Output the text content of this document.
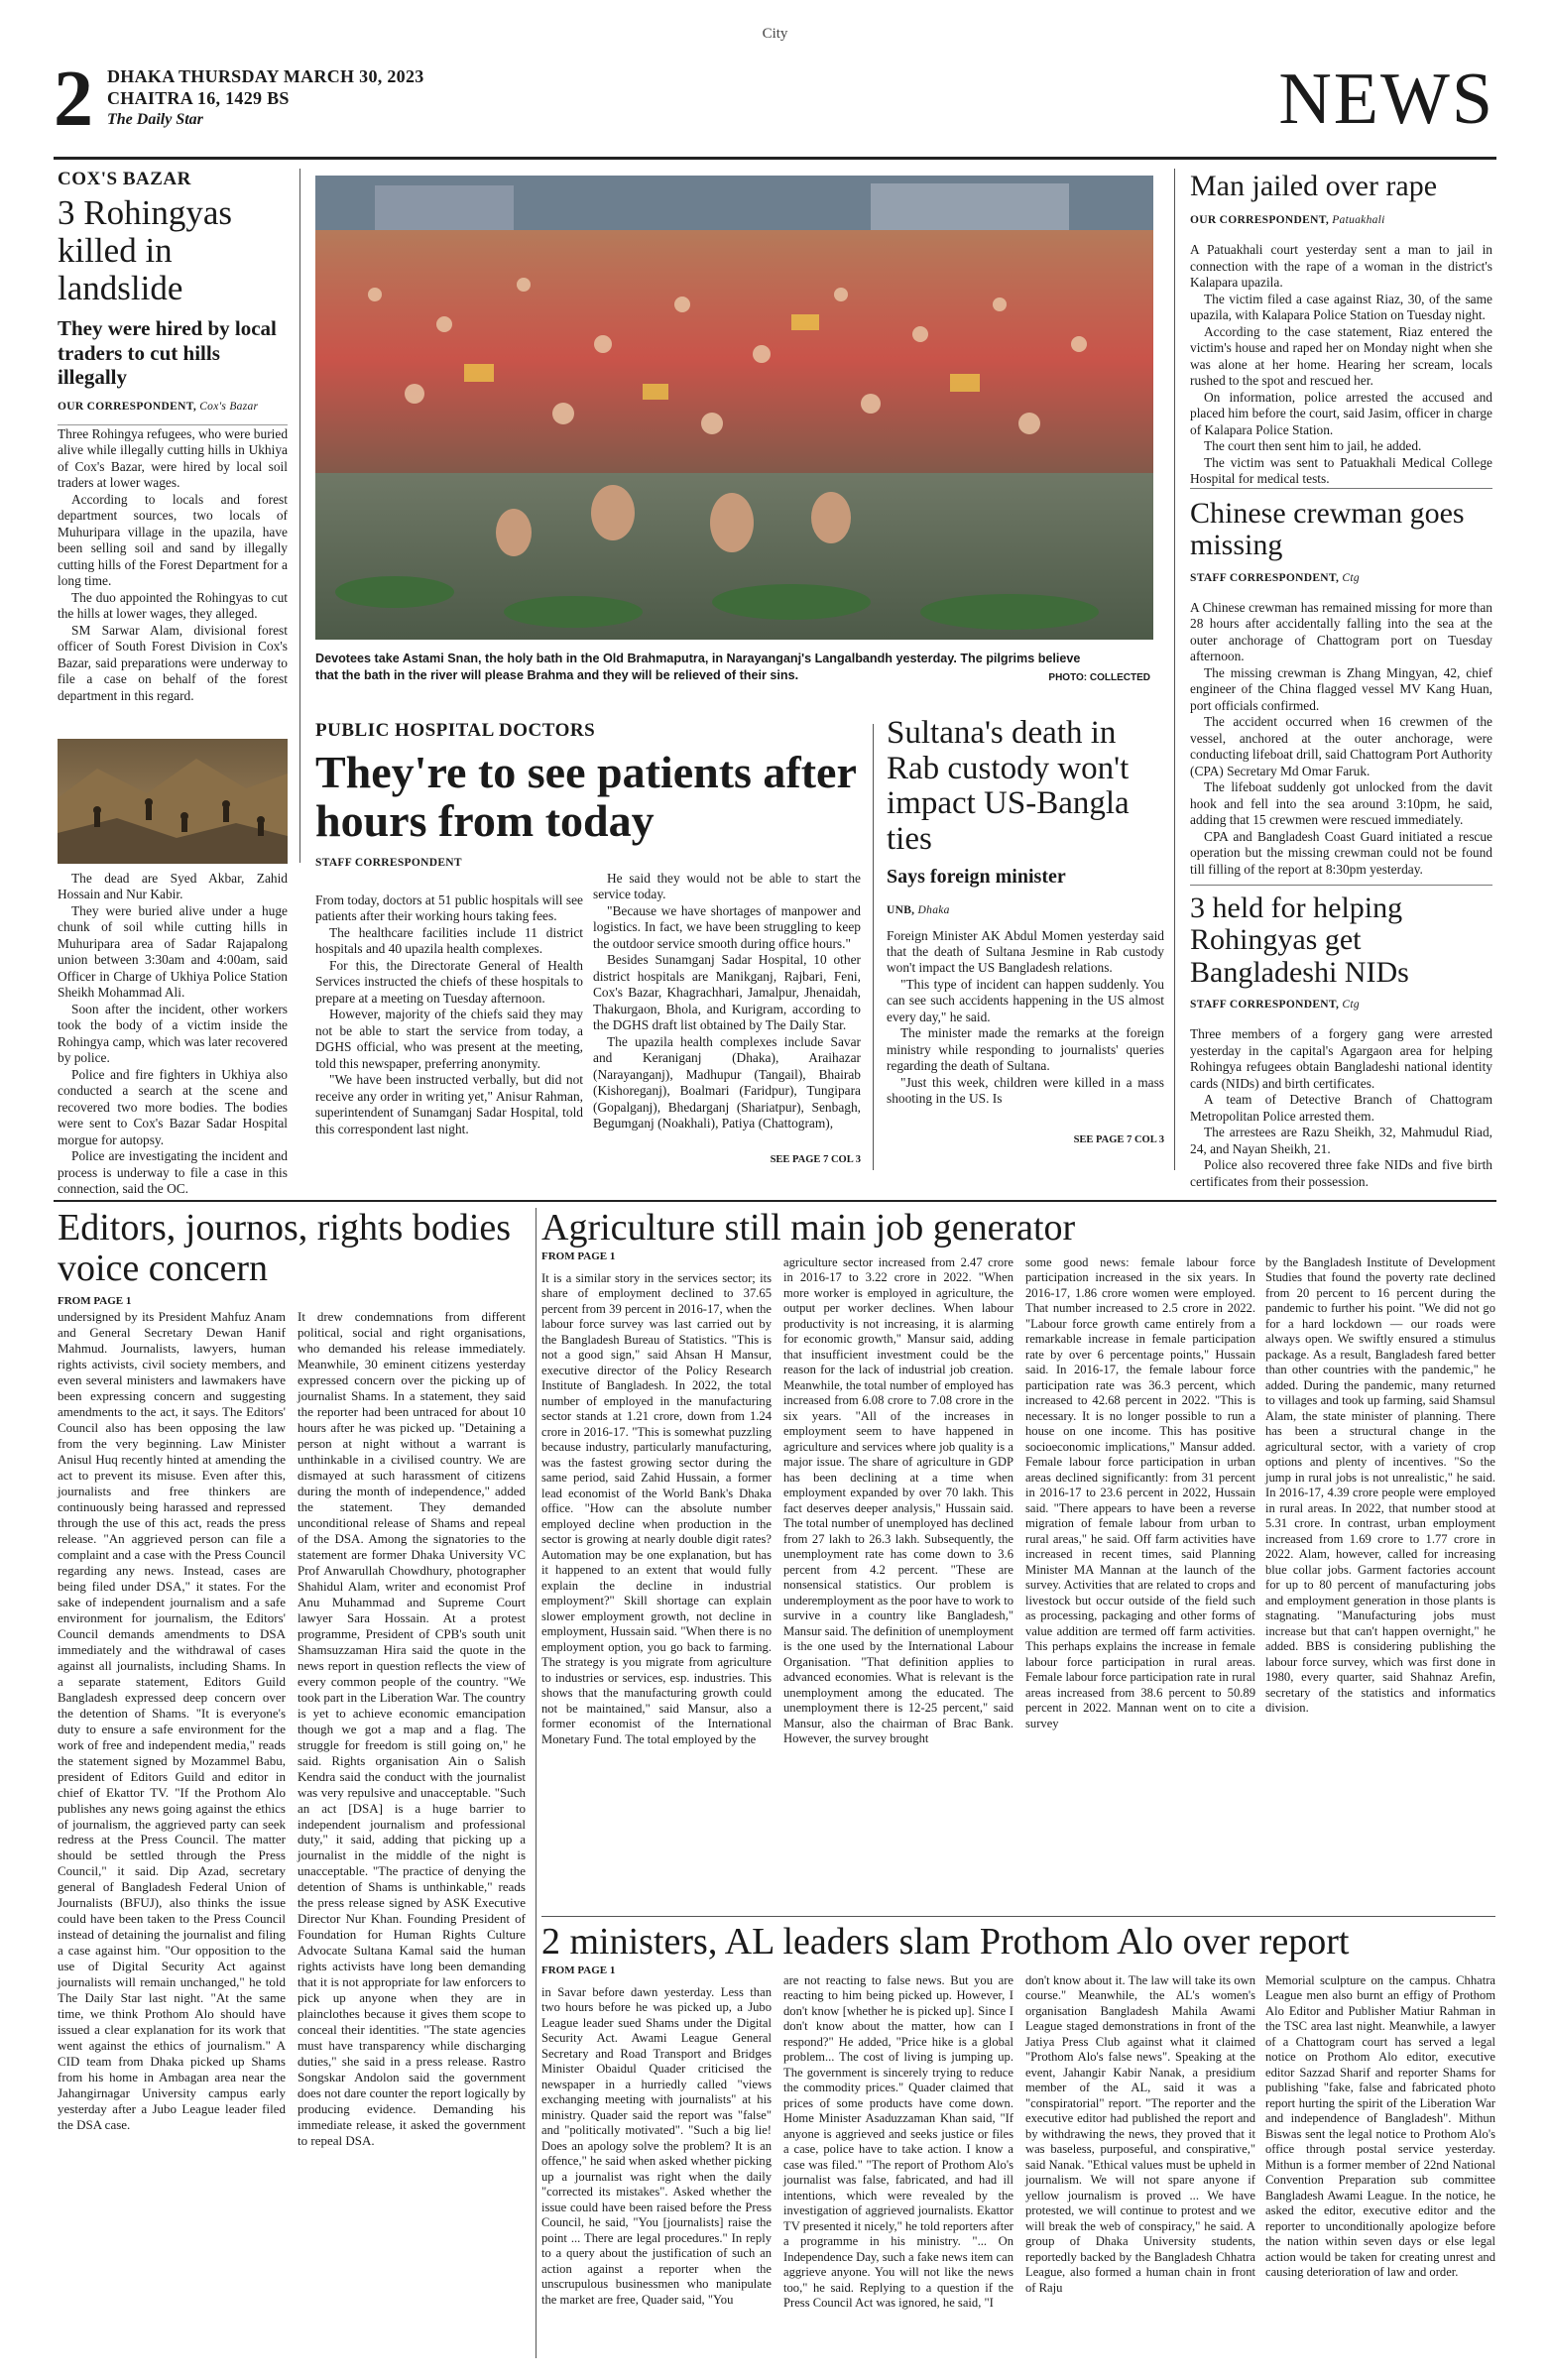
City
2 DHAKA THURSDAY MARCH 30, 2023
CHAITRA 16, 1429 BS
The Daily Star	NEWS
COX'S BAZAR
3 Rohingyas killed in landslide
They were hired by local traders to cut hills illegally
OUR CORRESPONDENT, Cox's Bazar

Three Rohingya refugees, who were buried alive while illegally cutting hills in Ukhiya of Cox's Bazar, were hired by local soil traders at lower wages.

According to locals and forest department sources, two locals of Muhuripara village in the upazila, have been selling soil and sand by illegally cutting hills of the Forest Department for a long time.

The duo appointed the Rohingyas to cut the hills at lower wages, they alleged.

SM Sarwar Alam, divisional forest officer of South Forest Division in Cox's Bazar, said preparations were underway to file a case on behalf of the forest department in this regard.

The dead are Syed Akbar, Zahid Hossain and Nur Kabir.

They were buried alive under a huge chunk of soil while cutting hills in Muhuripara area of Sadar Rajapalong union between 3:30am and 4:00am, said Officer in Charge of Ukhiya Police Station Sheikh Mohammad Ali.

Soon after the incident, other workers took the body of a victim inside the Rohingya camp, which was later recovered by police.

Police and fire fighters in Ukhiya also conducted a search at the scene and recovered two more bodies. The bodies were sent to Cox's Bazar Sadar Hospital morgue for autopsy.

Police are investigating the incident and process is underway to file a case in this connection, said the OC.

Devotees take Astami Snan, the holy bath in the Old Brahmaputra, in Narayanganj's Langalbandh yesterday. The pilgrims believe that the bath in the river will please Brahma and they will be relieved of their sins.	PHOTO: COLLECTED
PUBLIC HOSPITAL DOCTORS
They're to see patients after hours from today
STAFF CORRESPONDENT

From today, doctors at 51 public hospitals will see patients after their working hours taking fees.

The healthcare facilities include 11 district hospitals and 40 upazila health complexes.

For this, the Directorate General of Health Services instructed the chiefs of these hospitals to prepare at a meeting on Tuesday afternoon.

However, majority of the chiefs said they may not be able to start the service from today, a DGHS official, who was present at the meeting, told this newspaper, preferring anonymity.

"We have been instructed verbally, but did not receive any order in writing yet," Anisur Rahman, superintendent of Sunamganj Sadar Hospital, told this correspondent last night.

He said they would not be able to start the service today.

"Because we have shortages of manpower and logistics. In fact, we have been struggling to keep the outdoor service smooth during office hours."

Besides Sunamganj Sadar Hospital, 10 other district hospitals are Manikganj, Rajbari, Feni, Cox's Bazar, Khagrachhari, Jamalpur, Jhenaidah, Thakurgaon, Bhola, and Kurigram, according to the DGHS draft list obtained by The Daily Star.

The upazila health complexes include Savar and Keraniganj (Dhaka), Araihazar (Narayanganj), Madhupur (Tangail), Bhairab (Kishoreganj), Boalmari (Faridpur), Tungipara (Gopalganj), Bhedarganj (Shariatpur), Senbagh, Begumganj (Noakhali), Patiya (Chattogram),

SEE PAGE 7 COL 3
Sultana's death in Rab custody won't impact US-Bangla ties
Says foreign minister
UNB, Dhaka

Foreign Minister AK Abdul Momen yesterday said that the death of Sultana Jesmine in Rab custody won't impact the US Bangladesh relations.

"This type of incident can happen suddenly. You can see such accidents happening in the US almost every day," he said.

The minister made the remarks at the foreign ministry while responding to journalists' queries regarding the death of Sultana.

"Just this week, children were killed in a mass shooting in the US. Is

SEE PAGE 7 COL 3
Man jailed over rape
OUR CORRESPONDENT, Patuakhali

A Patuakhali court yesterday sent a man to jail in connection with the rape of a woman in the district's Kalapara upazila.

The victim filed a case against Riaz, 30, of the same upazila, with Kalapara Police Station on Tuesday night.

According to the case statement, Riaz entered the victim's house and raped her on Monday night when she was alone at her home. Hearing her scream, locals rushed to the spot and rescued her.

On information, police arrested the accused and placed him before the court, said Jasim, officer in charge of Kalapara Police Station.

The court then sent him to jail, he added.

The victim was sent to Patuakhali Medical College Hospital for medical tests.

Chinese crewman goes missing
STAFF CORRESPONDENT, Ctg

A Chinese crewman has remained missing for more than 28 hours after accidentally falling into the sea at the outer anchorage of Chattogram port on Tuesday afternoon.

The missing crewman is Zhang Mingyan, 42, chief engineer of the China flagged vessel MV Kang Huan, port officials confirmed.

The accident occurred when 16 crewmen of the vessel, anchored at the outer anchorage, were conducting lifeboat drill, said Chattogram Port Authority (CPA) Secretary Md Omar Faruk.

The lifeboat suddenly got unlocked from the davit hook and fell into the sea around 3:10pm, he said, adding that 15 crewmen were rescued immediately.

CPA and Bangladesh Coast Guard initiated a rescue operation but the missing crewman could not be found till filling of the report at 8:30pm yesterday.

3 held for helping Rohingyas get Bangladeshi NIDs
STAFF CORRESPONDENT, Ctg

Three members of a forgery gang were arrested yesterday in the capital's Agargaon area for helping Rohingya refugees obtain Bangladeshi national identity cards (NIDs) and birth certificates.

A team of Detective Branch of Chattogram Metropolitan Police arrested them.

The arrestees are Razu Sheikh, 32, Mahmudul Riad, 24, and Nayan Sheikh, 21.

Police also recovered three fake NIDs and five birth certificates from their possession.

Editors, journos, rights bodies voice concern
FROM PAGE 1
undersigned by its President Mahfuz Anam and General Secretary Dewan Hanif Mahmud. Journalists, lawyers, human rights activists, civil society members, and even several ministers and lawmakers have been expressing concern and suggesting amendments to the act, it says. The Editors' Council also has been opposing the law from the very beginning. Law Minister Anisul Huq recently hinted at amending the act to prevent its misuse. Even after this, journalists and free thinkers are continuously being harassed and repressed through the use of this act, reads the press release. "An aggrieved person can file a complaint and a case with the Press Council regarding any news. Instead, cases are being filed under DSA," it states. For the sake of independent journalism and a safe environment for journalism, the Editors' Council demands amendments to DSA immediately and the withdrawal of cases against all journalists, including Shams. In a separate statement, Editors Guild Bangladesh expressed deep concern over the detention of Shams. "It is everyone's duty to ensure a safe environment for the work of free and independent media," reads the statement signed by Mozammel Babu, president of Editors Guild and editor in chief of Ekattor TV. "If the Prothom Alo publishes any news going against the ethics of journalism, the aggrieved party can seek redress at the Press Council. The matter should be settled through the Press Council," it said. Dip Azad, secretary general of Bangladesh Federal Union of Journalists (BFUJ), also thinks the issue could have been taken to the Press Council instead of detaining the journalist and filing a case against him. "Our opposition to the use of Digital Security Act against journalists will remain unchanged," he told The Daily Star last night. "At the same time, we think Prothom Alo should have issued a clear explanation for its work that went against the ethics of journalism." A CID team from Dhaka picked up Shams from his home in Ambagan area near the Jahangirnagar University campus early yesterday after a Jubo League leader filed the DSA case.
It drew condemnations from different political, social and right organisations, who demanded his release immediately. Meanwhile, 30 eminent citizens yesterday expressed concern over the picking up of journalist Shams. In a statement, they said the reporter had been untraced for about 10 hours after he was picked up. "Detaining a person at night without a warrant is unthinkable in a civilised country. We are dismayed at such harassment of citizens during the month of independence," added the statement. They demanded unconditional release of Shams and repeal of the DSA. Among the signatories to the statement are former Dhaka University VC Prof Anwarullah Chowdhury, photographer Shahidul Alam, writer and economist Prof Anu Muhammad and Supreme Court lawyer Sara Hossain. At a protest programme, President of CPB's south unit Shamsuzzaman Hira said the quote in the news report in question reflects the view of every common people of the country. "We took part in the Liberation War. The country is yet to achieve economic emancipation though we got a map and a flag. The struggle for freedom is still going on," he said. Rights organisation Ain o Salish Kendra said the conduct with the journalist was very repulsive and unacceptable. "Such an act [DSA] is a huge barrier to independent journalism and professional duty," it said, adding that picking up a journalist in the middle of the night is unacceptable. "The practice of denying the detention of Shams is unthinkable," reads the press release signed by ASK Executive Director Nur Khan. Founding President of Foundation for Human Rights Culture Advocate Sultana Kamal said the human rights activists have long been demanding that it is not appropriate for law enforcers to pick up anyone when they are in plainclothes because it gives them scope to conceal their identities. "The state agencies must have transparency while discharging duties," she said in a press release. Rastro Songskar Andolon said the government does not dare counter the report logically by producing evidence. Demanding his immediate release, it asked the government to repeal DSA.
Agriculture still main job generator
FROM PAGE 1
It is a similar story in the services sector; its share of employment declined to 37.65 percent from 39 percent in 2016-17, when the labour force survey was last carried out by the Bangladesh Bureau of Statistics. "This is not a good sign," said Ahsan H Mansur, executive director of the Policy Research Institute of Bangladesh. In 2022, the total number of employed in the manufacturing sector stands at 1.21 crore, down from 1.24 crore in 2016-17. "This is somewhat puzzling because industry, particularly manufacturing, was the fastest growing sector during the same period, said Zahid Hussain, a former lead economist of the World Bank's Dhaka office. "How can the absolute number employed decline when production in the sector is growing at nearly double digit rates? Automation may be one explanation, but has it happened to an extent that would fully explain the decline in industrial employment?" Skill shortage can explain slower employment growth, not decline in employment, Hussain said. "When there is no employment option, you go back to farming. The strategy is you migrate from agriculture to industries or services, esp. industries. This shows that the manufacturing growth could not be maintained," said Mansur, also a former economist of the International Monetary Fund. The total employed by the
agriculture sector increased from 2.47 crore in 2016-17 to 3.22 crore in 2022. "When more worker is employed in agriculture, the output per worker declines. When labour productivity is not increasing, it is alarming for economic growth," Mansur said, adding that insufficient investment could be the reason for the lack of industrial job creation. Meanwhile, the total number of employed has increased from 6.08 crore to 7.08 crore in the six years. "All of the increases in employment seem to have happened in agriculture and services where job quality is a major issue. The share of agriculture in GDP has been declining at a time when employment expanded by over 70 lakh. This fact deserves deeper analysis," Hussain said. The total number of unemployed has declined from 27 lakh to 26.3 lakh. Subsequently, the unemployment rate has come down to 3.6 percent from 4.2 percent. "These are nonsensical statistics. Our problem is underemployment as the poor have to work to survive in a country like Bangladesh," Mansur said. The definition of unemployment is the one used by the International Labour Organisation. "That definition applies to advanced economies. What is relevant is the unemployment among the educated. The unemployment there is 12-25 percent," said Mansur, also the chairman of Brac Bank. However, the survey brought
some good news: female labour force participation increased in the six years. In 2016-17, 1.86 crore women were employed. That number increased to 2.5 crore in 2022. "Labour force growth came entirely from a remarkable increase in female participation rate by over 6 percentage points," Hussain said. In 2016-17, the female labour force participation rate was 36.3 percent, which increased to 42.68 percent in 2022. "This is necessary. It is no longer possible to run a house on one income. This has positive socioeconomic implications," Mansur added. Female labour force participation in urban areas declined significantly: from 31 percent in 2016-17 to 23.6 percent in 2022, Hussain said. "There appears to have been a reverse migration of female labour from urban to rural areas," he said. Off farm activities have increased in recent times, said Planning Minister MA Mannan at the launch of the survey. Activities that are related to crops and livestock but occur outside of the field such as processing, packaging and other forms of value addition are termed off farm activities. This perhaps explains the increase in female labour force participation in rural areas. Female labour force participation rate in rural areas increased from 38.6 percent to 50.89 percent in 2022. Mannan went on to cite a survey
by the Bangladesh Institute of Development Studies that found the poverty rate declined from 20 percent to 16 percent during the pandemic to further his point. "We did not go for a hard lockdown — our roads were always open. We swiftly ensured a stimulus package. As a result, Bangladesh fared better than other countries with the pandemic," he added. During the pandemic, many returned to villages and took up farming, said Shamsul Alam, the state minister of planning. There has been a structural change in the agricultural sector, with a variety of crop options and plenty of incentives. "So the jump in rural jobs is not unrealistic," he said. In 2016-17, 4.39 crore people were employed in rural areas. In 2022, that number stood at 5.31 crore. In contrast, urban employment increased from 1.69 crore to 1.77 crore in 2022. Alam, however, called for increasing blue collar jobs. Garment factories account for up to 80 percent of manufacturing jobs and employment generation in those plants is stagnating. "Manufacturing jobs must increase but that can't happen overnight," he added. BBS is considering publishing the labour force survey, which was first done in 1980, every quarter, said Shahnaz Arefin, secretary of the statistics and informatics division.
2 ministers, AL leaders slam Prothom Alo over report
FROM PAGE 1
in Savar before dawn yesterday. Less than two hours before he was picked up, a Jubo League leader sued Shams under the Digital Security Act. Awami League General Secretary and Road Transport and Bridges Minister Obaidul Quader criticised the newspaper in a hurriedly called "views exchanging meeting with journalists" at his ministry. Quader said the report was "false" and "politically motivated". "Such a big lie! Does an apology solve the problem? It is an offence," he said when asked whether picking up a journalist was right when the daily "corrected its mistakes". Asked whether the issue could have been raised before the Press Council, he said, "You [journalists] raise the point ... There are legal procedures." In reply to a query about the justification of such an action against a reporter when the unscrupulous businessmen who manipulate the market are free, Quader said, "You
are not reacting to false news. But you are reacting to him being picked up. However, I don't know [whether he is picked up]. Since I don't know about the matter, how can I respond?" He added, "Price hike is a global problem... The cost of living is jumping up. The government is sincerely trying to reduce the commodity prices." Quader claimed that prices of some products have come down. Home Minister Asaduzzaman Khan said, "If anyone is aggrieved and seeks justice or files a case, police have to take action. I know a case was filed." "The report of Prothom Alo's journalist was false, fabricated, and had ill intentions, which were revealed by the investigation of aggrieved journalists. Ekattor TV presented it nicely," he told reporters after a programme in his ministry. "... On Independence Day, such a fake news item can aggrieve anyone. You will not like the news too," he said. Replying to a question if the Press Council Act was ignored, he said, "I
don't know about it. The law will take its own course." Meanwhile, the AL's women's organisation Bangladesh Mahila Awami League staged demonstrations in front of the Jatiya Press Club against what it claimed "Prothom Alo's false news". Speaking at the event, Jahangir Kabir Nanak, a presidium member of the AL, said it was a "conspiratorial" report. "The reporter and the executive editor had published the report and by withdrawing the news, they proved that it was baseless, purposeful, and conspirative," said Nanak. "Ethical values must be upheld in journalism. We will not spare anyone if yellow journalism is proved ... We have protested, we will continue to protest and we will break the web of conspiracy," he said. A group of Dhaka University students, reportedly backed by the Bangladesh Chhatra League, also formed a human chain in front of Raju
Memorial sculpture on the campus. Chhatra League men also burnt an effigy of Prothom Alo Editor and Publisher Matiur Rahman in the TSC area last night. Meanwhile, a lawyer of a Chattogram court has served a legal notice on Prothom Alo editor, executive editor Sazzad Sharif and reporter Shams for publishing "fake, false and fabricated photo report hurting the spirit of the Liberation War and independence of Bangladesh". Mithun Biswas sent the legal notice to Prothom Alo's office through postal service yesterday. Mithun is a former member of 22nd National Convention Preparation sub committee Bangladesh Awami League. In the notice, he asked the editor, executive editor and the reporter to unconditionally apologize before the nation within seven days or else legal action would be taken for creating unrest and causing deterioration of law and order.
